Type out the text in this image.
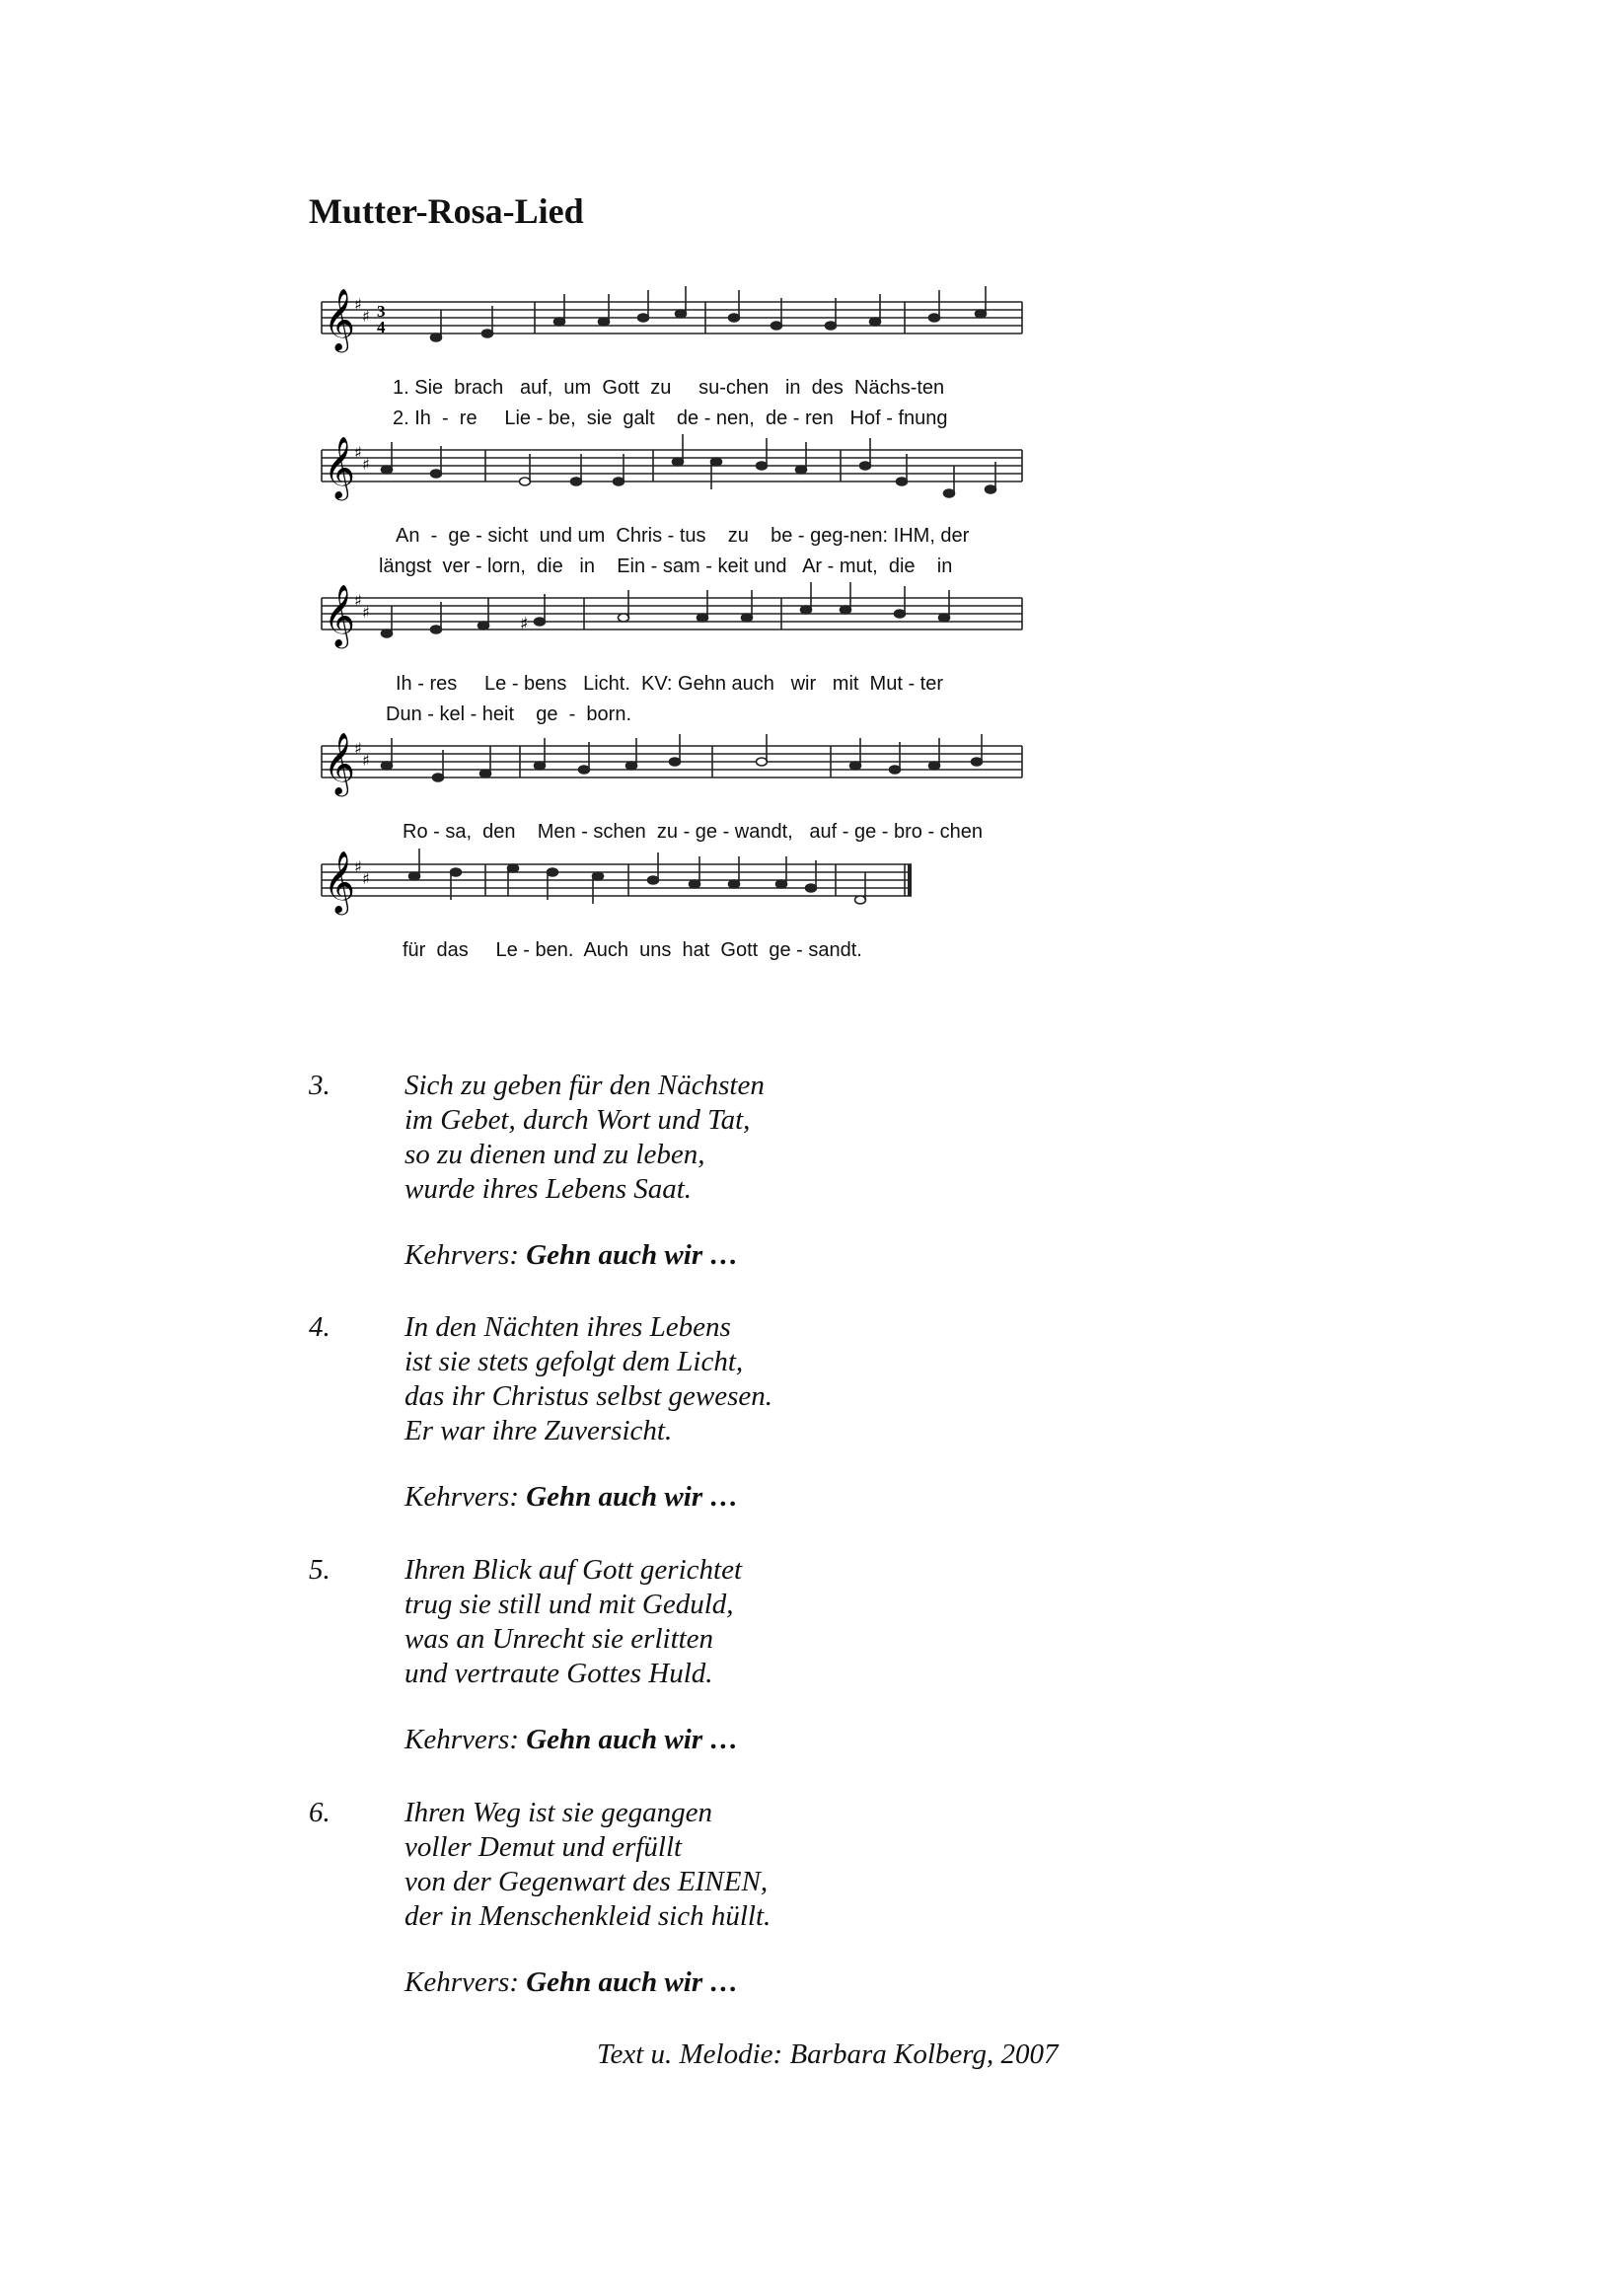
Mutter-Rosa-Lied
𝄞 ♯
♯ 3
4
1. Sie  brach   auf,  um  Gott  zu     su-chen   in  des  Nächs-ten
2. Ih  -  re     Lie - be,  sie  galt    de - nen,  de - ren   Hof - fnung
𝄞 ♯
♯
An  -  ge - sicht  und um  Chris - tus    zu    be - geg-nen: IHM, der
längst  ver - lorn,  die   in    Ein - sam - keit und   Ar - mut,  die    in
𝄞 ♯
♯
♯
Ih - res     Le - bens   Licht.  KV: Gehn auch   wir   mit  Mut - ter
Dun - kel - heit    ge  -  born.
𝄞 ♯
♯
Ro - sa,  den    Men - schen  zu - ge - wandt,   auf - ge - bro - chen
𝄞 ♯
♯
für  das     Le - ben.  Auch  uns  hat  Gott  ge - sandt.
3.	Sich zu geben für den Nächsten
im Gebet, durch Wort und Tat,
so zu dienen und zu leben,
wurde ihres Lebens Saat.
Kehrvers: Gehn auch wir …
4.	In den Nächten ihres Lebens
ist sie stets gefolgt dem Licht,
das ihr Christus selbst gewesen.
Er war ihre Zuversicht.
Kehrvers: Gehn auch wir …
5.	Ihren Blick auf Gott gerichtet
trug sie still und mit Geduld,
was an Unrecht sie erlitten
und vertraute Gottes Huld.
Kehrvers: Gehn auch wir …
6.	Ihren Weg ist sie gegangen
voller Demut und erfüllt
von der Gegenwart des EINEN,
der in Menschenkleid sich hüllt.
Kehrvers: Gehn auch wir …
Text u. Melodie: Barbara Kolberg, 2007
